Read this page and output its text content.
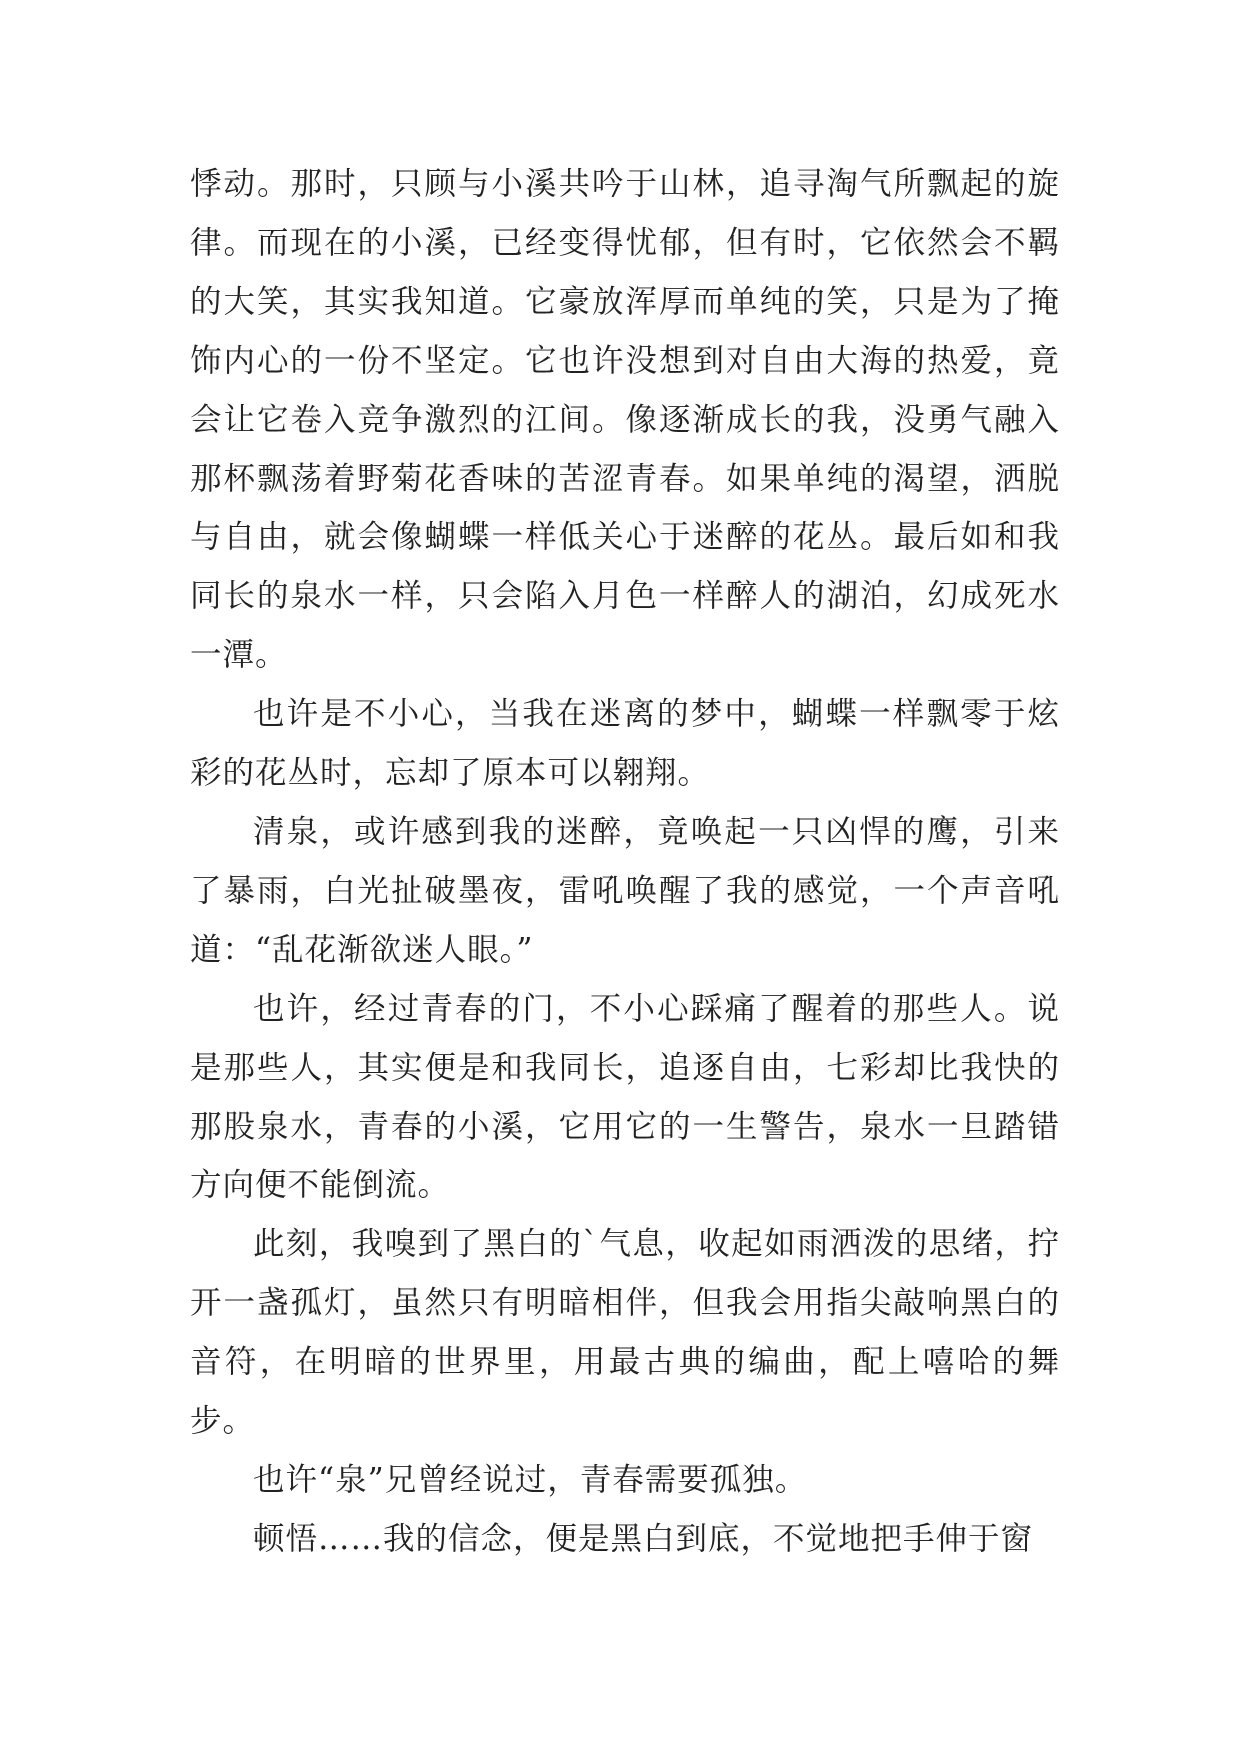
悸动。那时，只顾与小溪共吟于山林，追寻淘气所飘起的旋律。而现在的小溪，已经变得忧郁，但有时，它依然会不羁的大笑，其实我知道。它豪放浑厚而单纯的笑，只是为了掩饰内心的一份不坚定。它也许没想到对自由大海的热爱，竟会让它卷入竞争激烈的江间。像逐渐成长的我，没勇气融入那杯飘荡着野菊花香味的苦涩青春。如果单纯的渴望，洒脱与自由，就会像蝴蝶一样低关心于迷醉的花丛。最后如和我同长的泉水一样，只会陷入月色一样醉人的湖泊，幻成死水一潭。

也许是不小心，当我在迷离的梦中，蝴蝶一样飘零于炫彩的花丛时，忘却了原本可以翱翔。

清泉，或许感到我的迷醉，竟唤起一只凶悍的鹰，引来了暴雨，白光扯破墨夜，雷吼唤醒了我的感觉，一个声音吼道：“乱花渐欲迷人眼。”

也许，经过青春的门，不小心踩痛了醒着的那些人。说是那些人，其实便是和我同长，追逐自由，七彩却比我快的那股泉水，青春的小溪，它用它的一生警告，泉水一旦踏错方向便不能倒流。

此刻，我嗅到了黑白的`气息，收起如雨洒泼的思绪，拧开一盏孤灯，虽然只有明暗相伴，但我会用指尖敲响黑白的音符，在明暗的世界里，用最古典的编曲，配上嘻哈的舞步。

也许“泉”兄曾经说过，青春需要孤独。

顿悟……我的信念，便是黑白到底，不觉地把手伸于窗
